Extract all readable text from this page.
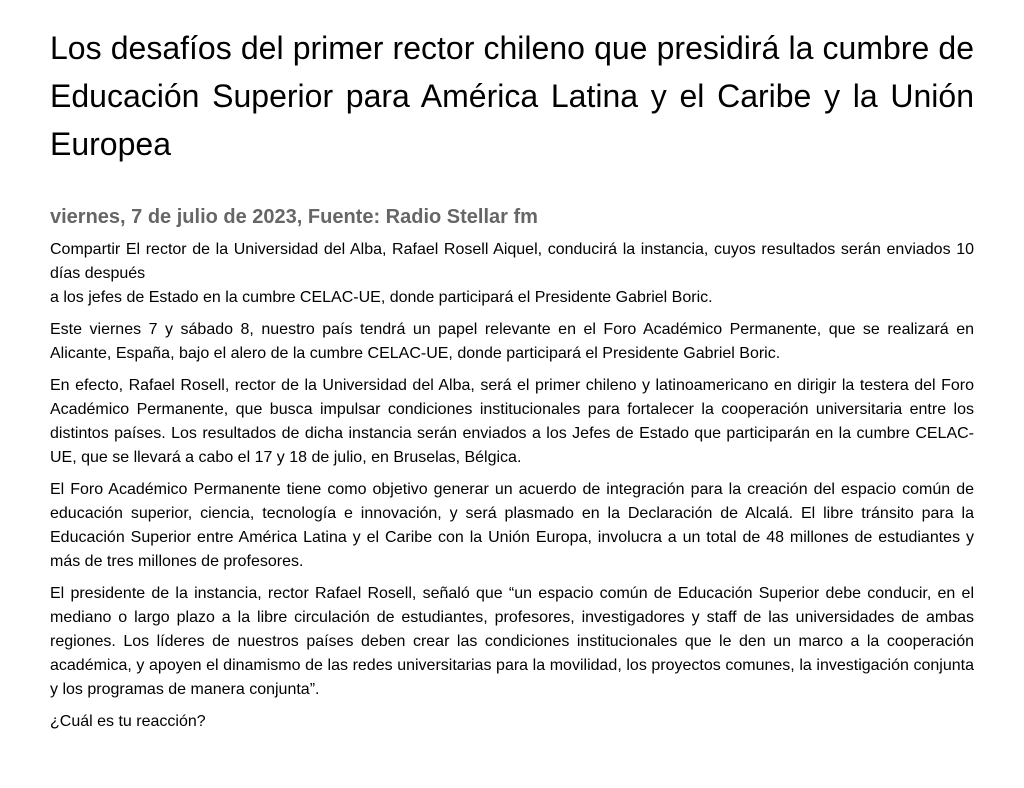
Los desafíos del primer rector chileno que presidirá la cumbre de Educación Superior para América Latina y el Caribe y la Unión Europea
viernes, 7 de julio de 2023, Fuente: Radio Stellar fm

Compartir El rector de la Universidad del Alba, Rafael Rosell Aiquel, conducirá la instancia, cuyos resultados serán enviados 10 días después
a los jefes de Estado en la cumbre CELAC-UE, donde participará el Presidente Gabriel Boric.

Este viernes 7 y sábado 8, nuestro país tendrá un papel relevante en el Foro Académico Permanente, que se realizará en Alicante, España, bajo el alero de la cumbre CELAC-UE, donde participará el Presidente Gabriel Boric.

En efecto, Rafael Rosell, rector de la Universidad del Alba, será el primer chileno y latinoamericano en dirigir la testera del Foro Académico Permanente, que busca impulsar condiciones institucionales para fortalecer la cooperación universitaria entre los distintos países. Los resultados de dicha instancia serán enviados a los Jefes de Estado que participarán en la cumbre CELAC-UE, que se llevará a cabo el 17 y 18 de julio, en Bruselas, Bélgica.

El Foro Académico Permanente tiene como objetivo generar un acuerdo de integración para la creación del espacio común de educación superior, ciencia, tecnología e innovación, y será plasmado en la Declaración de Alcalá. El libre tránsito para la Educación Superior entre América Latina y el Caribe con la Unión Europa, involucra a un total de 48 millones de estudiantes y más de tres millones de profesores.

El presidente de la instancia, rector Rafael Rosell, señaló que “un espacio común de Educación Superior debe conducir, en el mediano o largo plazo a la libre circulación de estudiantes, profesores, investigadores y staff de las universidades de ambas regiones. Los líderes de nuestros países deben crear las condiciones institucionales que le den un marco a la cooperación académica, y apoyen el dinamismo de las redes universitarias para la movilidad, los proyectos comunes, la investigación conjunta y los programas de manera conjunta”.

¿Cuál es tu reacción?
